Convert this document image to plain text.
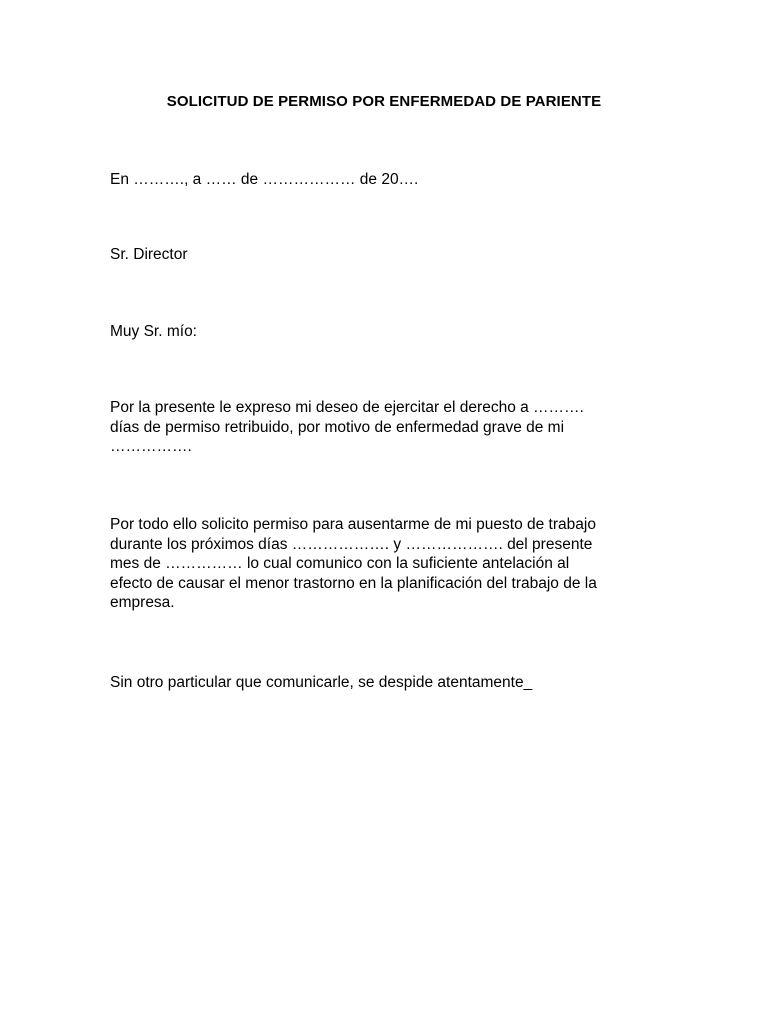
SOLICITUD DE PERMISO POR ENFERMEDAD DE PARIENTE
En ………., a …… de ……………… de 20….
Sr. Director
Muy Sr. mío:
Por la presente le expreso mi deseo de ejercitar el derecho a ……….
días de permiso retribuido, por motivo de enfermedad grave de mi
…………….
Por todo ello solicito permiso para ausentarme de mi puesto de trabajo
durante los próximos días ………………. y ………………. del presente
mes de …………… lo cual comunico con la suficiente antelación al
efecto de causar el menor trastorno en la planificación del trabajo de la
empresa.
Sin otro particular que comunicarle, se despide atentamente_
